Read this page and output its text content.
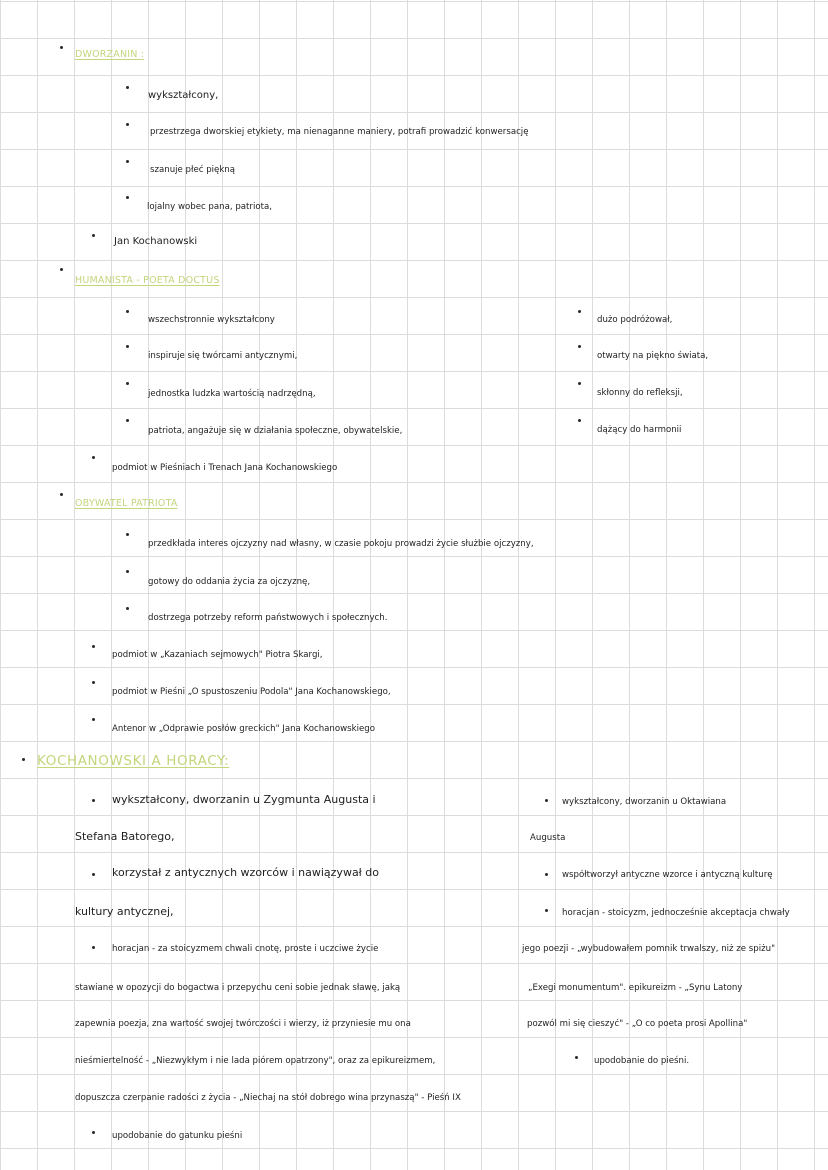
DWORZANIN :
wykształcony,
przestrzega dworskiej etykiety, ma nienaganne maniery, potrafi prowadzić konwersację
szanuje płeć piękną
lojalny wobec pana, patriota,
Jan Kochanowski
HUMANISTA - POETA DOCTUS
wszechstronnie wykształcony
inspiruje się twórcami antycznymi,
jednostka ludzka wartością nadrzędną,
patriota, angażuje się w działania społeczne, obywatelskie,
dużo podróżował,
otwarty na piękno świata,
skłonny do refleksji,
dążący do harmonii
podmiot w Pieśniach i Trenach Jana Kochanowskiego
OBYWATEL PATRIOTA
przedkłada interes ojczyzny nad własny, w czasie pokoju prowadzi życie służbie ojczyzny,
gotowy do oddania życia za ojczyznę,
dostrzega potrzeby reform państwowych i społecznych.
podmiot w „Kazaniach sejmowych" Piotra Skargi,
podmiot w Pieśni „O spustoszeniu Podola" Jana Kochanowskiego,
Antenor w „Odprawie posłów greckich" Jana Kochanowskiego
KOCHANOWSKI A HORACY:
wykształcony, dworzanin u Zygmunta Augusta i
Stefana Batorego,
korzystał z antycznych wzorców i nawiązywał do
kultury antycznej,
horacjan - za stoicyzmem chwali cnotę, proste i uczciwe życie
stawiane w opozycji do bogactwa i przepychu ceni sobie jednak sławę, jaką
zapewnia poezja, zna wartość swojej twórczości i wierzy, iż przyniesie mu ona
nieśmiertelność - „Niezwykłym i nie lada piórem opatrzony", oraz za epikureizmem,
dopuszcza czerpanie radości z życia - „Niechaj na stół dobrego wina przynaszą" - Pieśń IX
upodobanie do gatunku pieśni
wykształcony, dworzanin u Oktawiana
Augusta
współtworzył antyczne wzorce i antyczną kulturę
horacjan - stoicyzm, jednocześnie akceptacja chwały
jego poezji - „wybudowałem pomnik trwalszy, niż ze spiżu"
„Exegi monumentum". epikureizm - „Synu Latony
pozwól mi się cieszyć" - „O co poeta prosi Apollina"
upodobanie do pieśni.
